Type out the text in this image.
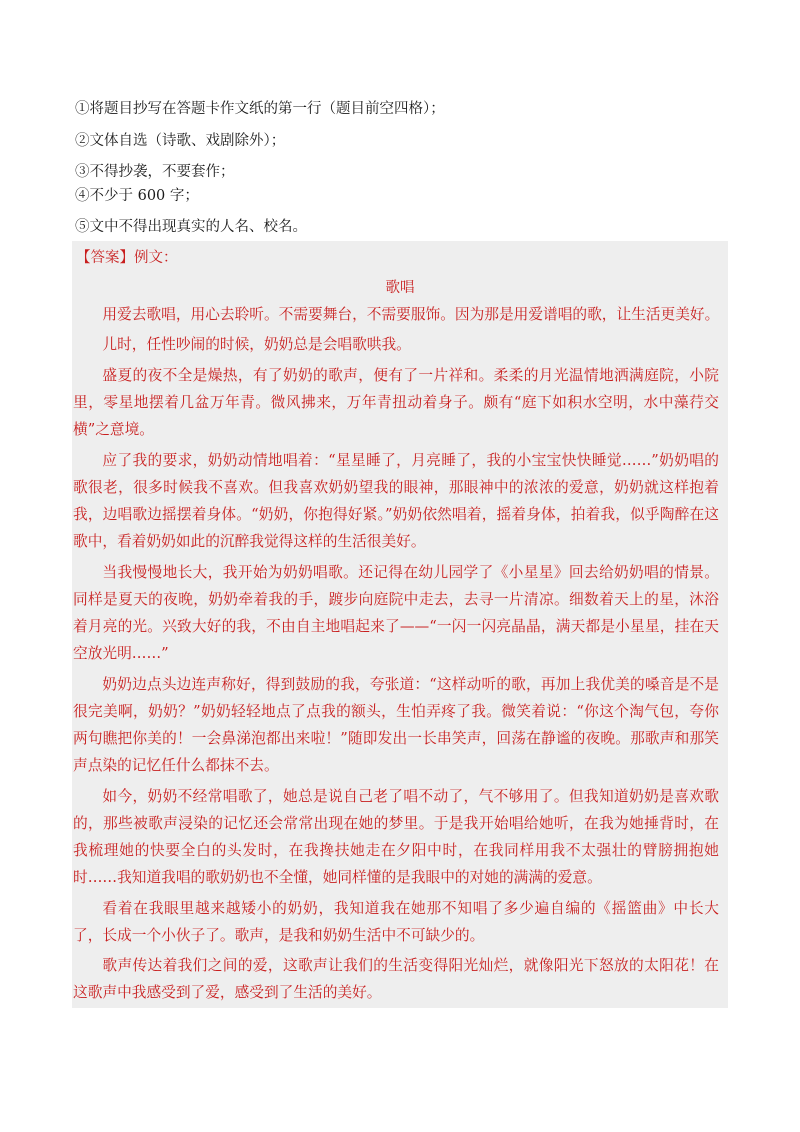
①将题目抄写在答题卡作文纸的第一行（题目前空四格）；
②文体自选（诗歌、戏剧除外）；
③不得抄袭，不要套作；
④不少于 600 字；
⑤文中不得出现真实的人名、校名。
【答案】例文：
歌唱

用爱去歌唱，用心去聆听。不需要舞台，不需要服饰。因为那是用爱谱唱的歌，让生活更美好。

儿时，任性吵闹的时候，奶奶总是会唱歌哄我。

盛夏的夜不全是燥热，有了奶奶的歌声，便有了一片祥和。柔柔的月光温情地洒满庭院，小院里，零星地摆着几盆万年青。微风拂来，万年青扭动着身子。颇有“庭下如积水空明，水中藻荇交横”之意境。

应了我的要求，奶奶动情地唱着：“星星睡了，月亮睡了，我的小宝宝快快睡觉……”奶奶唱的歌很老，很多时候我不喜欢。但我喜欢奶奶望我的眼神，那眼神中的浓浓的爱意，奶奶就这样抱着我，边唱歌边摇摆着身体。“奶奶，你抱得好紧。”奶奶依然唱着，摇着身体，拍着我，似乎陶醉在这歌中，看着奶奶如此的沉醉我觉得这样的生活很美好。

当我慢慢地长大，我开始为奶奶唱歌。还记得在幼儿园学了《小星星》回去给奶奶唱的情景。同样是夏天的夜晚，奶奶牵着我的手，踱步向庭院中走去，去寻一片清凉。细数着天上的星，沐浴着月亮的光。兴致大好的我，不由自主地唱起来了——“一闪一闪亮晶晶，满天都是小星星，挂在天空放光明……”

奶奶边点头边连声称好，得到鼓励的我，夸张道：“这样动听的歌，再加上我优美的嗓音是不是很完美啊，奶奶？”奶奶轻轻地点了点我的额头，生怕弄疼了我。微笑着说：“你这个淘气包，夸你两句瞧把你美的！一会鼻涕泡都出来啦！”随即发出一长串笑声，回荡在静谧的夜晚。那歌声和那笑声点染的记忆任什么都抹不去。

如今，奶奶不经常唱歌了，她总是说自己老了唱不动了，气不够用了。但我知道奶奶是喜欢歌的，那些被歌声浸染的记忆还会常常出现在她的梦里。于是我开始唱给她听，在我为她捶背时，在我梳理她的快要全白的头发时，在我搀扶她走在夕阳中时，在我同样用我不太强壮的臂膀拥抱她时……我知道我唱的歌奶奶也不全懂，她同样懂的是我眼中的对她的满满的爱意。

看着在我眼里越来越矮小的奶奶，我知道我在她那不知唱了多少遍自编的《摇篮曲》中长大了，长成一个小伙子了。歌声，是我和奶奶生活中不可缺少的。

歌声传达着我们之间的爱，这歌声让我们的生活变得阳光灿烂，就像阳光下怒放的太阳花！在这歌声中我感受到了爱，感受到了生活的美好。
